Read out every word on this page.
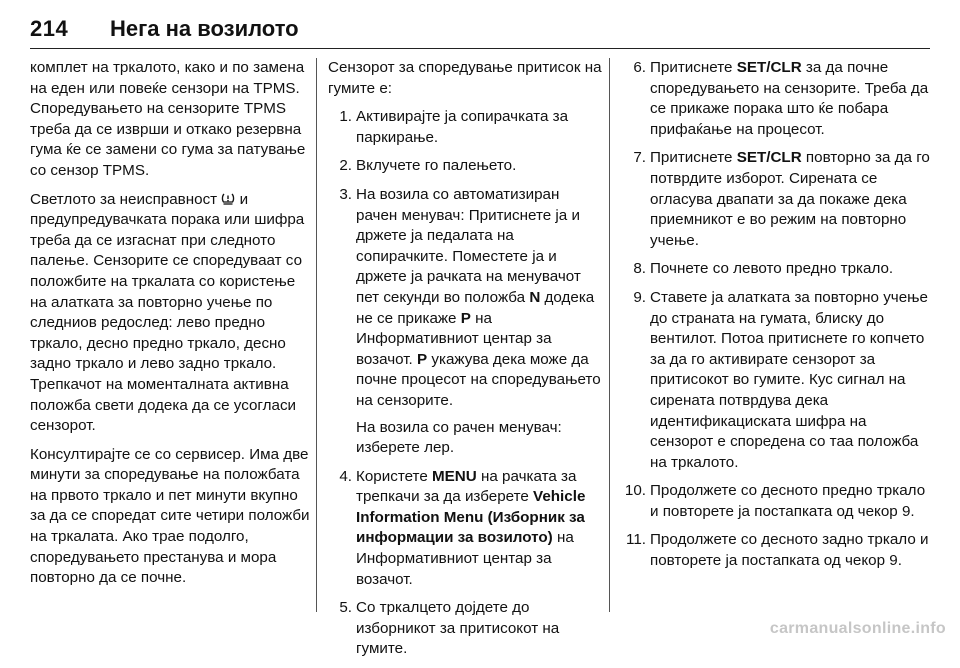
214 Нега на возилото

комплет на тркалото, како и по замена на еден или повеќе сензори на TPMS. Споредувањето на сензорите TPMS треба да се изврши и откако резервна гума ќе се замени со гума за патување со сензор TPMS.

Светлото за неисправност и предупредувачката порака или шифра треба да се изгаснат при следното палење. Сензорите се споредуваат со положбите на тркалата со користење на алатката за повторно учење по следниов редослед: лево предно тркало, десно предно тркало, десно задно тркало и лево задно тркало. Трепкачот на моменталната активна положба свети додека да се усогласи сензорот.

Консултирајте се со сервисер. Има две минути за споредување на положбата на првото тркало и пет минути вкупно за да се споредат сите четири положби на тркалата. Ако трае подолго, споредувањето престанува и мора повторно да се почне.

Сензорот за споредување притисок на гумите е:

1. Активирајте ја сопирачката за паркирање.
2. Вклучете го палењето.
3. На возила со автоматизиран рачен менувач: Притиснете ја и држете ја педалата на сопирачките. Поместете ја и држете ја рачката на менувачот пет секунди во положба N додека не се прикаже P на Информативниот центар за возачот. P укажува дека може да почне процесот на споредувањето на сензорите.
На возила со рачен менувач: изберете лер.
4. Користете MENU на рачката за трепкачи за да изберете Vehicle Information Menu (Изборник за информации за возилото) на Информативниот центар за возачот.
5. Со тркалцето дојдете до изборникот за притисокот на гумите.
6. Притиснете SET/CLR за да почне споредувањето на сензорите. Треба да се прикаже порака што ќе побара прифаќање на процесот.
7. Притиснете SET/CLR повторно за да го потврдите изборот. Сирената се огласува двапати за да покаже дека приемникот е во режим на повторно учење.
8. Почнете со левото предно тркало.
9. Ставете ја алатката за повторно учење до страната на гумата, блиску до вентилот. Потоа притиснете го копчето за да го активирате сензорот за притисокот во гумите. Кус сигнал на сирената потврдува дека идентификациската шифра на сензорот е споредена со таа положба на тркалото.
10. Продолжете со десното предно тркало и повторете ја постапката од чекор 9.
11. Продолжете со десното задно тркало и повторете ја постапката од чекор 9.
carmanualsonline.info
